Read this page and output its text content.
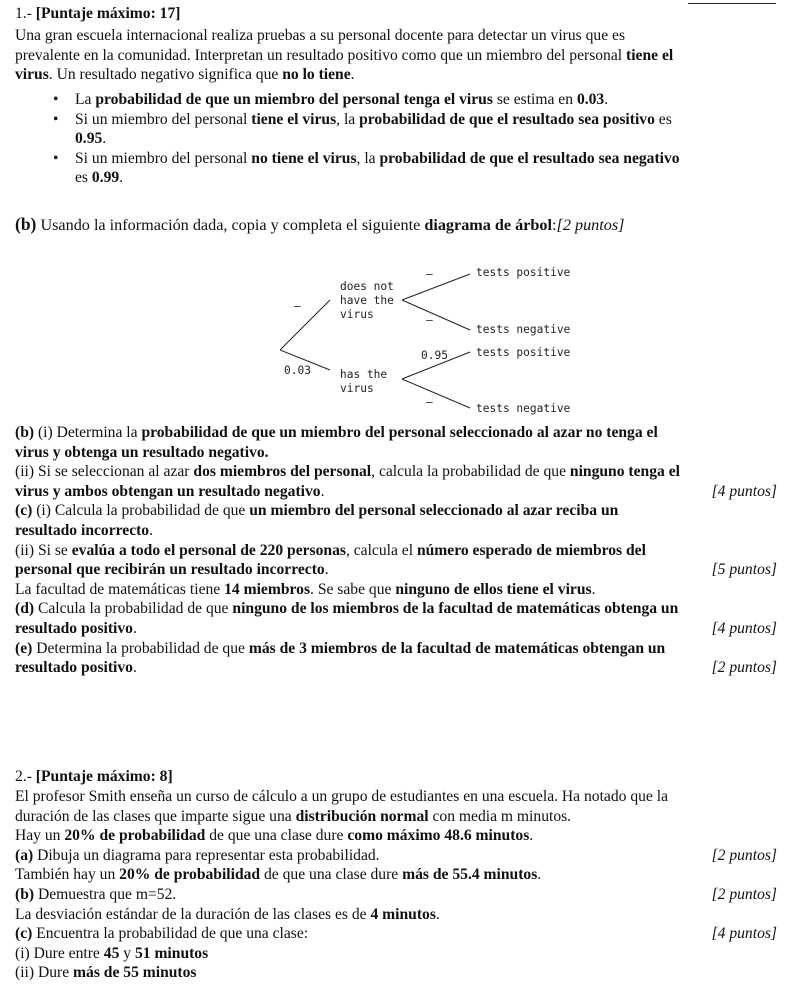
1.- [Puntaje máximo: 17]
Una gran escuela internacional realiza pruebas a su personal docente para detectar un virus que es
prevalente en la comunidad. Interpretan un resultado positivo como que un miembro del personal tiene el
virus. Un resultado negativo significa que no lo tiene.
• La probabilidad de que un miembro del personal tenga el virus se estima en 0.03.
• Si un miembro del personal tiene el virus, la probabilidad de que el resultado sea positivo es
0.95.
• Si un miembro del personal no tiene el virus, la probabilidad de que el resultado sea negativo
es 0.99.
(b) Usando la información dada, copia y completa el siguiente diagrama de árbol:[2 puntos]
does not
have the
virus
has the
virus
—
0.03
—
—
0.95
—
tests positive
tests negative
tests positive
tests negative
(b) (i) Determina la probabilidad de que un miembro del personal seleccionado al azar no tenga el
virus y obtenga un resultado negativo.
(ii) Si se seleccionan al azar dos miembros del personal, calcula la probabilidad de que ninguno tenga el
virus y ambos obtengan un resultado negativo.	[4 puntos]
(c) (i) Calcula la probabilidad de que un miembro del personal seleccionado al azar reciba un
resultado incorrecto.
(ii) Si se evalúa a todo el personal de 220 personas, calcula el número esperado de miembros del
personal que recibirán un resultado incorrecto.	[5 puntos]
La facultad de matemáticas tiene 14 miembros. Se sabe que ninguno de ellos tiene el virus.
(d) Calcula la probabilidad de que ninguno de los miembros de la facultad de matemáticas obtenga un
resultado positivo.	[4 puntos]
(e) Determina la probabilidad de que más de 3 miembros de la facultad de matemáticas obtengan un
resultado positivo.	[2 puntos]
2.- [Puntaje máximo: 8]
El profesor Smith enseña un curso de cálculo a un grupo de estudiantes en una escuela. Ha notado que la
duración de las clases que imparte sigue una distribución normal con media m minutos.
Hay un 20% de probabilidad de que una clase dure como máximo 48.6 minutos.
(a) Dibuja un diagrama para representar esta probabilidad.	[2 puntos]
También hay un 20% de probabilidad de que una clase dure más de 55.4 minutos.
(b) Demuestra que m=52.	[2 puntos]
La desviación estándar de la duración de las clases es de 4 minutos.
(c) Encuentra la probabilidad de que una clase:	[4 puntos]
(i) Dure entre 45 y 51 minutos
(ii) Dure más de 55 minutos
